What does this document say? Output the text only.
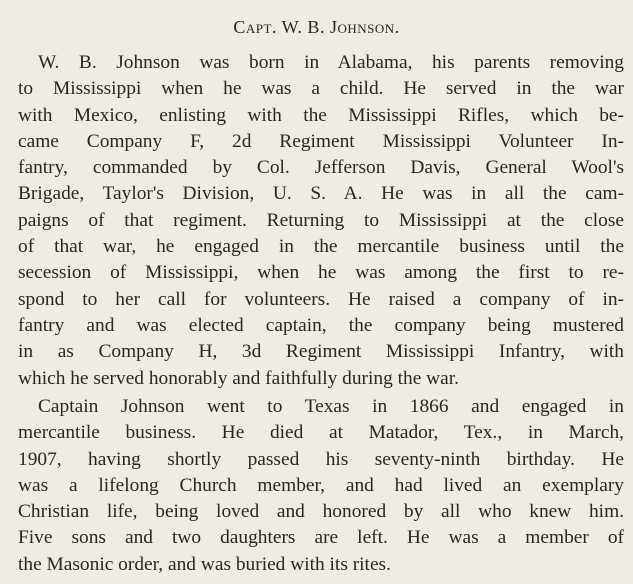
Capt. W. B. Johnson.
W. B. Johnson was born in Alabama, his parents removing
to Mississippi when he was a child. He served in the war
with Mexico, enlisting with the Mississippi Rifles, which be-
came Company F, 2d Regiment Mississippi Volunteer In-
fantry, commanded by Col. Jefferson Davis, General Wool's
Brigade, Taylor's Division, U. S. A. He was in all the cam-
paigns of that regiment. Returning to Mississippi at the close
of that war, he engaged in the mercantile business until the
secession of Mississippi, when he was among the first to re-
spond to her call for volunteers. He raised a company of in-
fantry and was elected captain, the company being mustered
in as Company H, 3d Regiment Mississippi Infantry, with
which he served honorably and faithfully during the war.
Captain Johnson went to Texas in 1866 and engaged in
mercantile business. He died at Matador, Tex., in March,
1907, having shortly passed his seventy-ninth birthday. He
was a lifelong Church member, and had lived an exemplary
Christian life, being loved and honored by all who knew him.
Five sons and two daughters are left. He was a member of
the Masonic order, and was buried with its rites.
